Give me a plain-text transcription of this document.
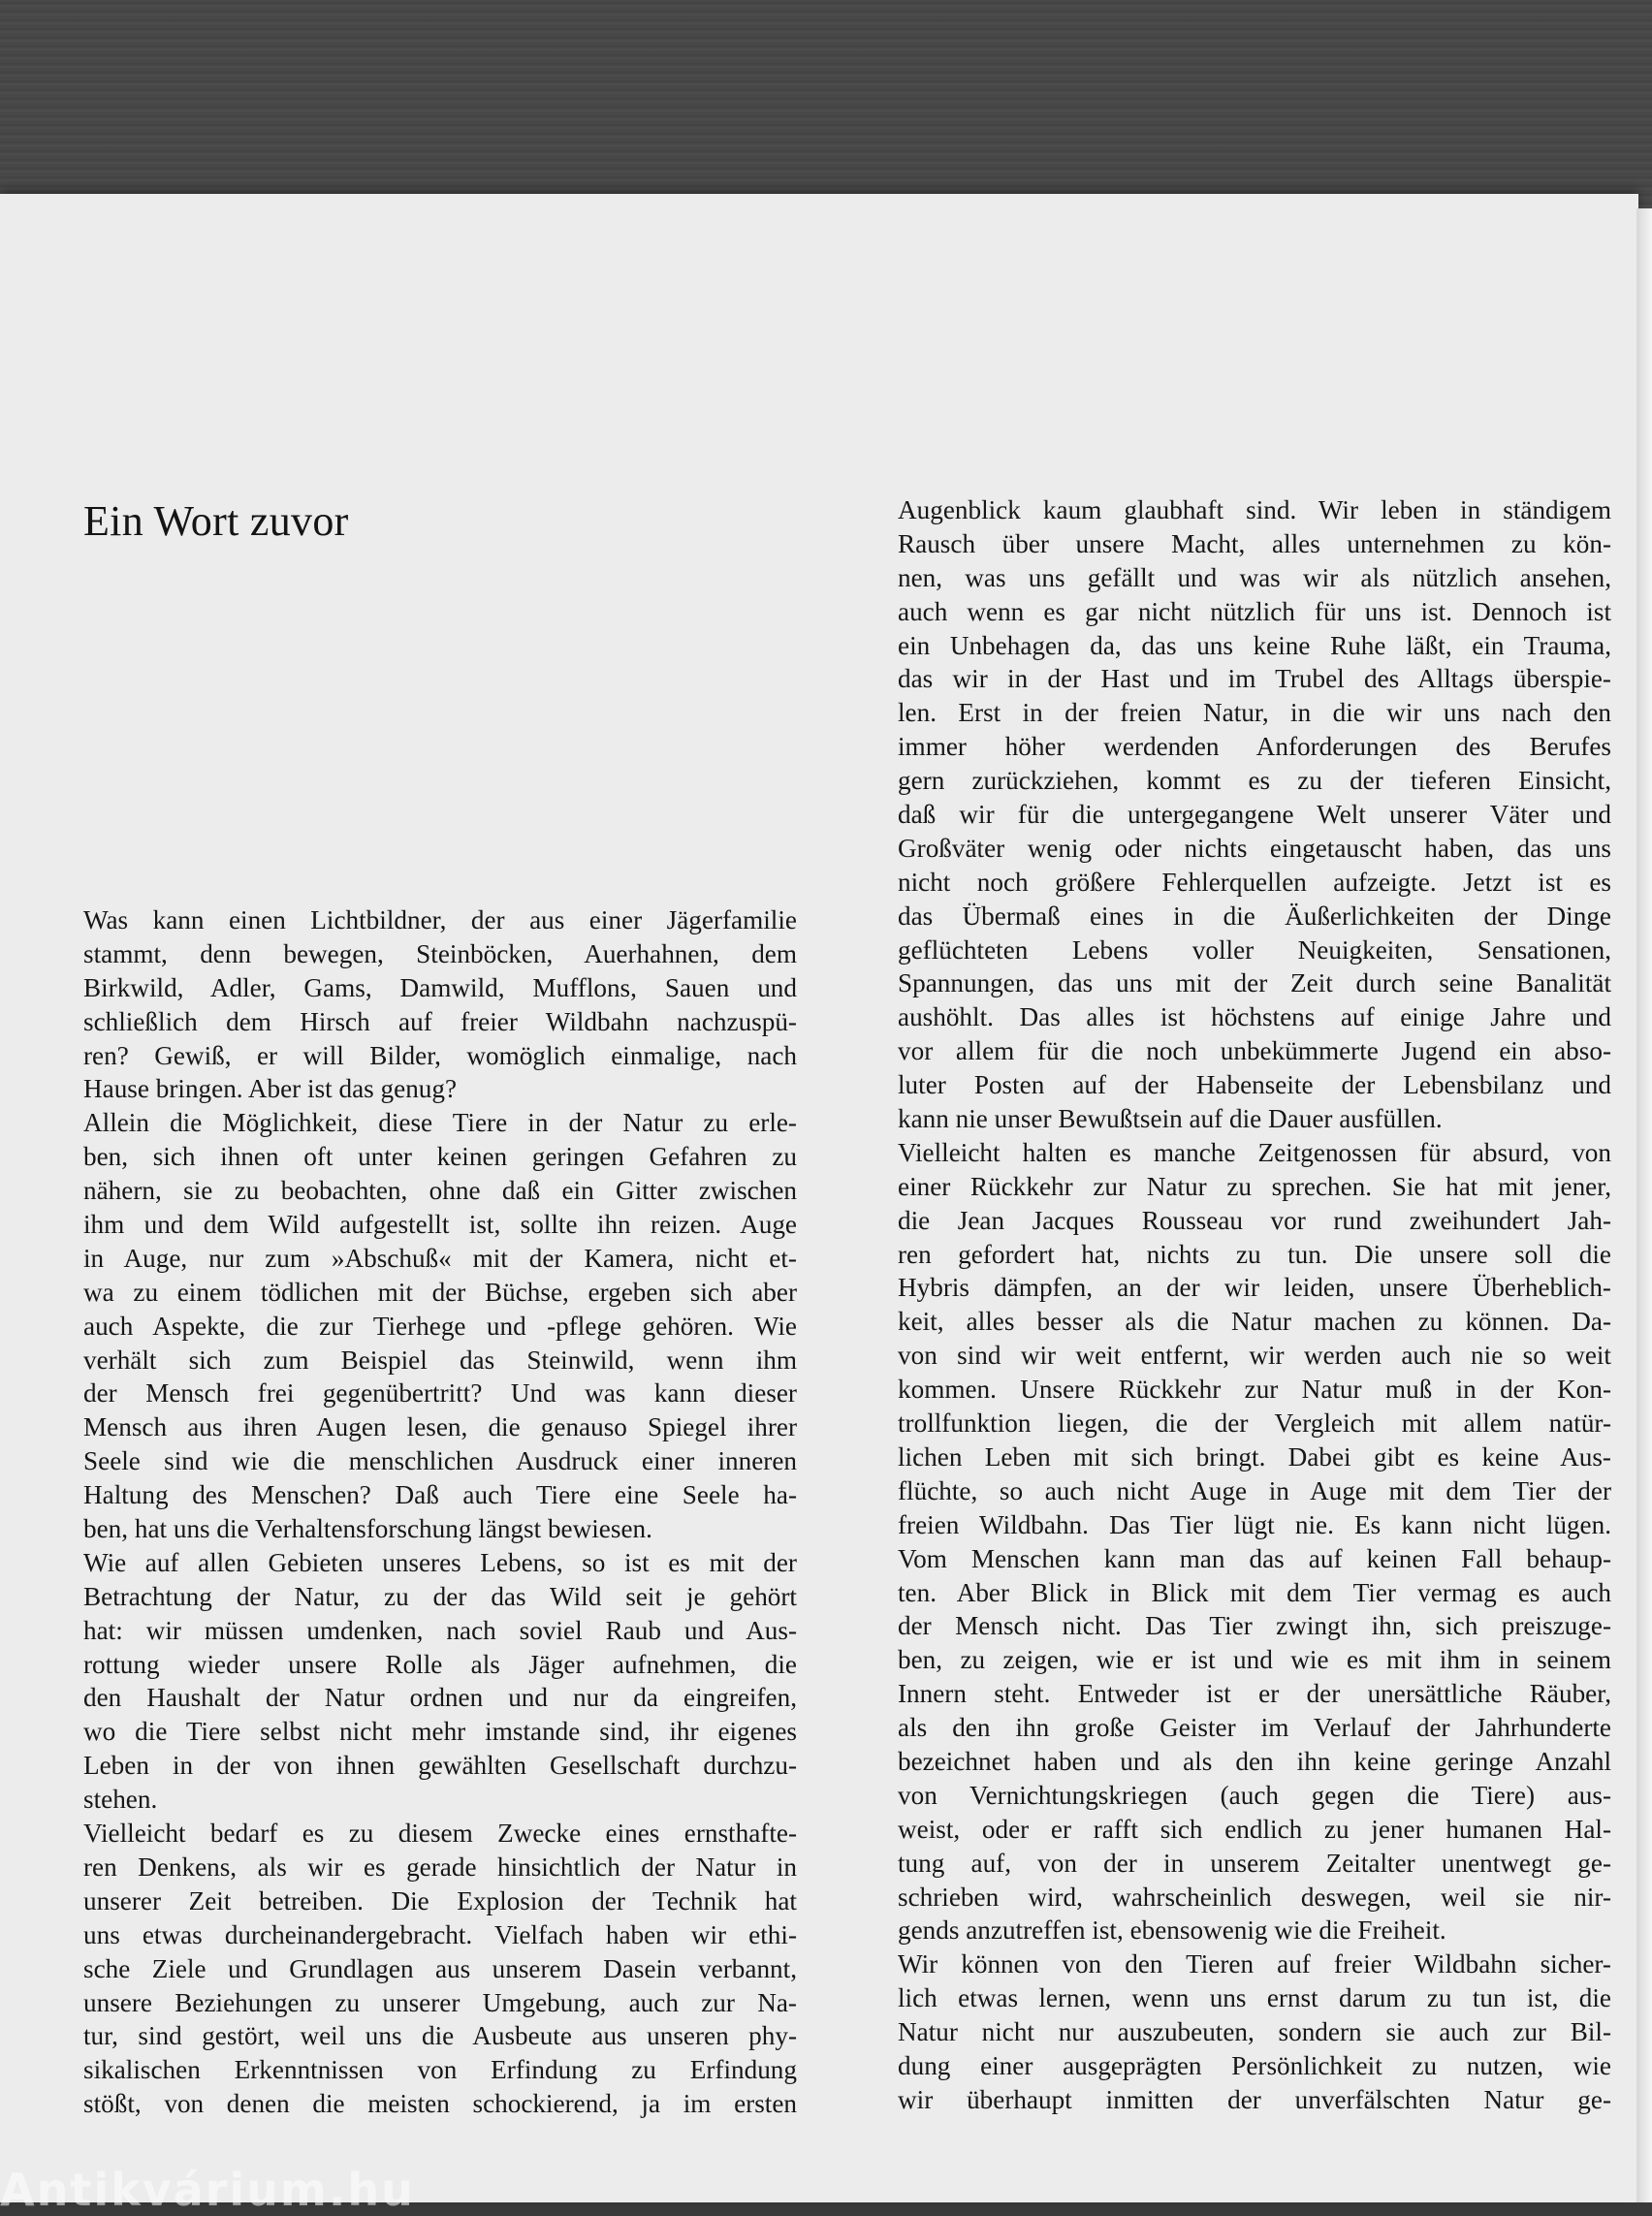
Ein Wort zuvor
Was kann einen Lichtbildner, der aus einer Jägerfamilie
stammt, denn bewegen, Steinböcken, Auerhahnen, dem
Birkwild, Adler, Gams, Damwild, Mufflons, Sauen und
schließlich dem Hirsch auf freier Wildbahn nachzuspü-
ren? Gewiß, er will Bilder, womöglich einmalige, nach
Hause bringen. Aber ist das genug?
Allein die Möglichkeit, diese Tiere in der Natur zu erle-
ben, sich ihnen oft unter keinen geringen Gefahren zu
nähern, sie zu beobachten, ohne daß ein Gitter zwischen
ihm und dem Wild aufgestellt ist, sollte ihn reizen. Auge
in Auge, nur zum »Abschuß« mit der Kamera, nicht et-
wa zu einem tödlichen mit der Büchse, ergeben sich aber
auch Aspekte, die zur Tierhege und -pflege gehören. Wie
verhält sich zum Beispiel das Steinwild, wenn ihm
der Mensch frei gegenübertritt? Und was kann dieser
Mensch aus ihren Augen lesen, die genauso Spiegel ihrer
Seele sind wie die menschlichen Ausdruck einer inneren
Haltung des Menschen? Daß auch Tiere eine Seele ha-
ben, hat uns die Verhaltensforschung längst bewiesen.
Wie auf allen Gebieten unseres Lebens, so ist es mit der
Betrachtung der Natur, zu der das Wild seit je gehört
hat: wir müssen umdenken, nach soviel Raub und Aus-
rottung wieder unsere Rolle als Jäger aufnehmen, die
den Haushalt der Natur ordnen und nur da eingreifen,
wo die Tiere selbst nicht mehr imstande sind, ihr eigenes
Leben in der von ihnen gewählten Gesellschaft durchzu-
stehen.
Vielleicht bedarf es zu diesem Zwecke eines ernsthafte-
ren Denkens, als wir es gerade hinsichtlich der Natur in
unserer Zeit betreiben. Die Explosion der Technik hat
uns etwas durcheinandergebracht. Vielfach haben wir ethi-
sche Ziele und Grundlagen aus unserem Dasein verbannt,
unsere Beziehungen zu unserer Umgebung, auch zur Na-
tur, sind gestört, weil uns die Ausbeute aus unseren phy-
sikalischen Erkenntnissen von Erfindung zu Erfindung
stößt, von denen die meisten schockierend, ja im ersten
Augenblick kaum glaubhaft sind. Wir leben in ständigem
Rausch über unsere Macht, alles unternehmen zu kön-
nen, was uns gefällt und was wir als nützlich ansehen,
auch wenn es gar nicht nützlich für uns ist. Dennoch ist
ein Unbehagen da, das uns keine Ruhe läßt, ein Trauma,
das wir in der Hast und im Trubel des Alltags überspie-
len. Erst in der freien Natur, in die wir uns nach den
immer höher werdenden Anforderungen des Berufes
gern zurückziehen, kommt es zu der tieferen Einsicht,
daß wir für die untergegangene Welt unserer Väter und
Großväter wenig oder nichts eingetauscht haben, das uns
nicht noch größere Fehlerquellen aufzeigte. Jetzt ist es
das Übermaß eines in die Äußerlichkeiten der Dinge
geflüchteten Lebens voller Neuigkeiten, Sensationen,
Spannungen, das uns mit der Zeit durch seine Banalität
aushöhlt. Das alles ist höchstens auf einige Jahre und
vor allem für die noch unbekümmerte Jugend ein abso-
luter Posten auf der Habenseite der Lebensbilanz und
kann nie unser Bewußtsein auf die Dauer ausfüllen.
Vielleicht halten es manche Zeitgenossen für absurd, von
einer Rückkehr zur Natur zu sprechen. Sie hat mit jener,
die Jean Jacques Rousseau vor rund zweihundert Jah-
ren gefordert hat, nichts zu tun. Die unsere soll die
Hybris dämpfen, an der wir leiden, unsere Überheblich-
keit, alles besser als die Natur machen zu können. Da-
von sind wir weit entfernt, wir werden auch nie so weit
kommen. Unsere Rückkehr zur Natur muß in der Kon-
trollfunktion liegen, die der Vergleich mit allem natür-
lichen Leben mit sich bringt. Dabei gibt es keine Aus-
flüchte, so auch nicht Auge in Auge mit dem Tier der
freien Wildbahn. Das Tier lügt nie. Es kann nicht lügen.
Vom Menschen kann man das auf keinen Fall behaup-
ten. Aber Blick in Blick mit dem Tier vermag es auch
der Mensch nicht. Das Tier zwingt ihn, sich preiszuge-
ben, zu zeigen, wie er ist und wie es mit ihm in seinem
Innern steht. Entweder ist er der unersättliche Räuber,
als den ihn große Geister im Verlauf der Jahrhunderte
bezeichnet haben und als den ihn keine geringe Anzahl
von Vernichtungskriegen (auch gegen die Tiere) aus-
weist, oder er rafft sich endlich zu jener humanen Hal-
tung auf, von der in unserem Zeitalter unentwegt ge-
schrieben wird, wahrscheinlich deswegen, weil sie nir-
gends anzutreffen ist, ebensowenig wie die Freiheit.
Wir können von den Tieren auf freier Wildbahn sicher-
lich etwas lernen, wenn uns ernst darum zu tun ist, die
Natur nicht nur auszubeuten, sondern sie auch zur Bil-
dung einer ausgeprägten Persönlichkeit zu nutzen, wie
wir überhaupt inmitten der unverfälschten Natur ge-
Antikvárium.hu
